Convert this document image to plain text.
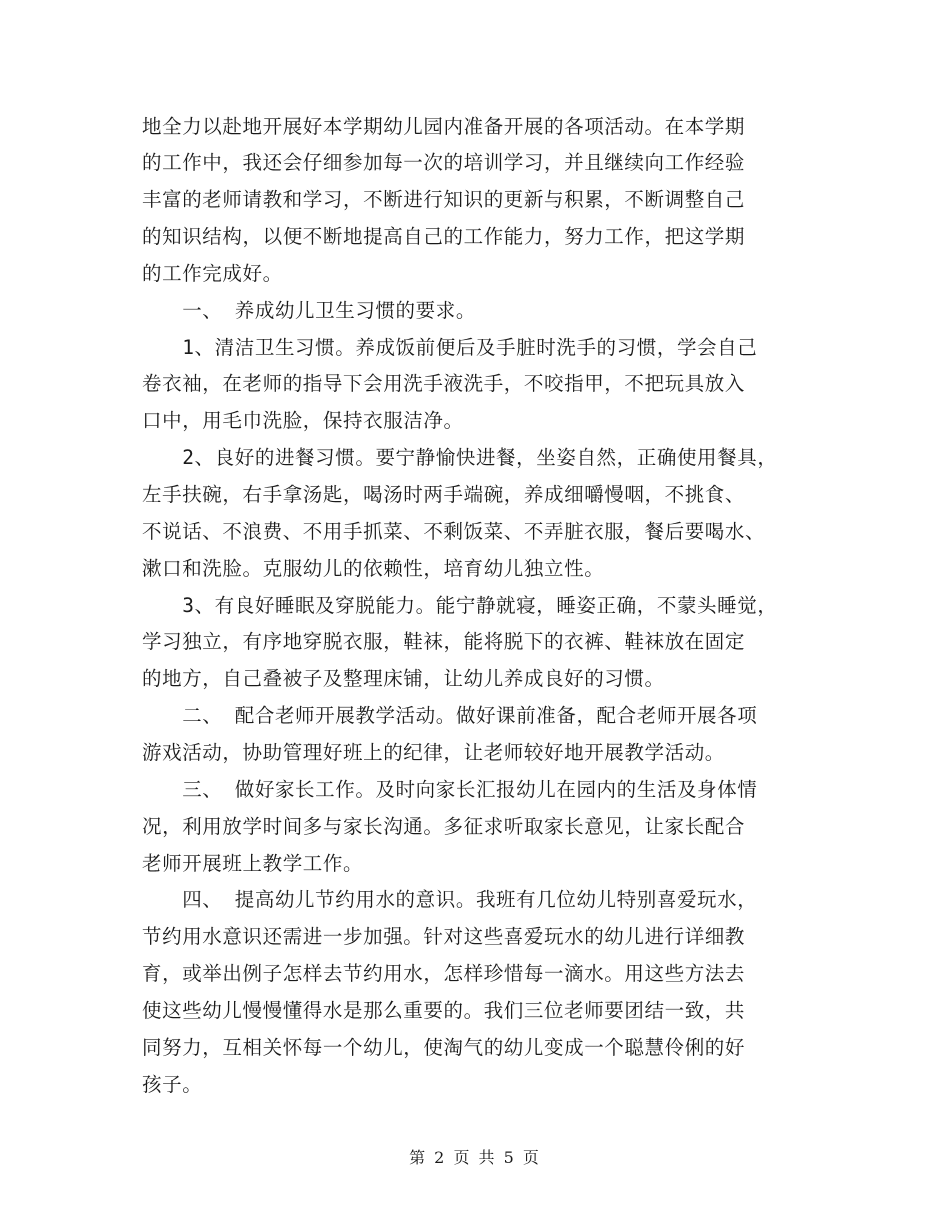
地全力以赴地开展好本学期幼儿园内准备开展的各项活动。在本学期
的工作中，我还会仔细参加每一次的培训学习，并且继续向工作经验
丰富的老师请教和学习，不断进行知识的更新与积累，不断调整自己
的知识结构，以便不断地提高自己的工作能力，努力工作，把这学期
的工作完成好。
　　一、 养成幼儿卫生习惯的要求。
　　1、清洁卫生习惯。养成饭前便后及手脏时洗手的习惯，学会自己
卷衣袖，在老师的指导下会用洗手液洗手，不咬指甲，不把玩具放入
口中，用毛巾洗脸，保持衣服洁净。
　　2、良好的进餐习惯。要宁静愉快进餐，坐姿自然，正确使用餐具，
左手扶碗，右手拿汤匙，喝汤时两手端碗，养成细嚼慢咽，不挑食、
不说话、不浪费、不用手抓菜、不剩饭菜、不弄脏衣服，餐后要喝水、
漱口和洗脸。克服幼儿的依赖性，培育幼儿独立性。
　　3、有良好睡眠及穿脱能力。能宁静就寝，睡姿正确，不蒙头睡觉，
学习独立，有序地穿脱衣服，鞋袜，能将脱下的衣裤、鞋袜放在固定
的地方，自己叠被子及整理床铺，让幼儿养成良好的习惯。
　　二、 配合老师开展教学活动。做好课前准备，配合老师开展各项
游戏活动，协助管理好班上的纪律，让老师较好地开展教学活动。
　　三、 做好家长工作。及时向家长汇报幼儿在园内的生活及身体情
况，利用放学时间多与家长沟通。多征求听取家长意见，让家长配合
老师开展班上教学工作。
　　四、 提高幼儿节约用水的意识。我班有几位幼儿特别喜爱玩水，
节约用水意识还需进一步加强。针对这些喜爱玩水的幼儿进行详细教
育，或举出例子怎样去节约用水，怎样珍惜每一滴水。用这些方法去
使这些幼儿慢慢懂得水是那么重要的。我们三位老师要团结一致，共
同努力，互相关怀每一个幼儿，使淘气的幼儿变成一个聪慧伶俐的好
孩子。
第 2 页 共 5 页
